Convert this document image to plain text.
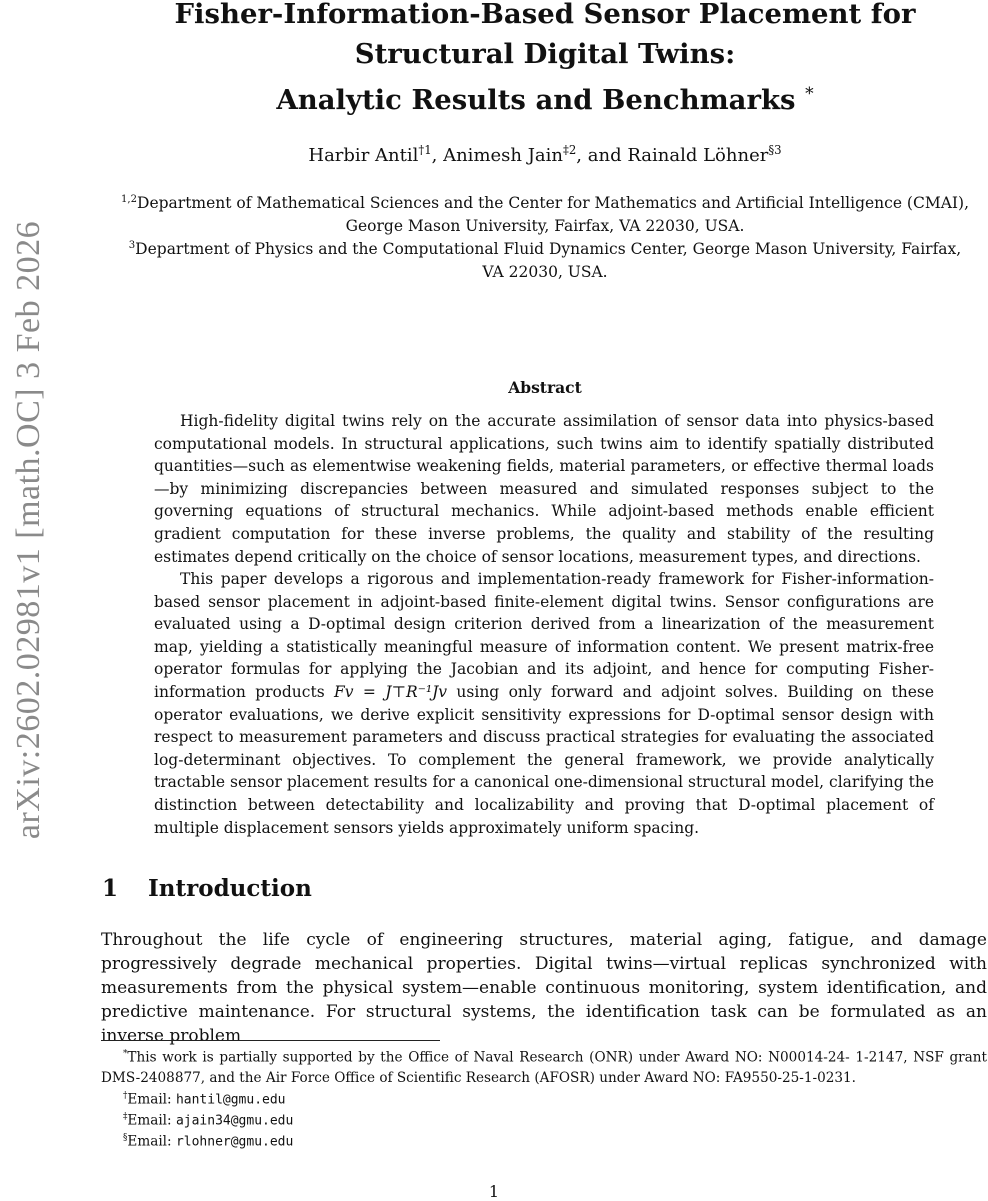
arXiv:2602.02981v1 [math.OC] 3 Feb 2026
Fisher-Information-Based Sensor Placement for
Structural Digital Twins:
Analytic Results and Benchmarks *
Harbir Antil$^{\dagger 1}$, Animesh Jain$^{\ddagger 2}$, and Rainald Löhner$^{\S 3}$
$^{1,2}$Department of Mathematical Sciences and the Center for Mathematics and Artificial Intelligence (CMAI),
George Mason University, Fairfax, VA 22030, USA.
$^3$Department of Physics and the Computational Fluid Dynamics Center, George Mason University, Fairfax,
VA 22030, USA.
Abstract

High-fidelity digital twins rely on the accurate assimilation of sensor data into physics-based computational models. In structural applications, such twins aim to identify spatially distributed quantities—such as elementwise weakening fields, material parameters, or effective thermal loads—by minimizing discrepancies between measured and simulated responses subject to the governing equations of structural mechanics. While adjoint-based methods enable efficient gradient computation for these inverse problems, the quality and stability of the resulting estimates depend critically on the choice of sensor locations, measurement types, and directions.

This paper develops a rigorous and implementation-ready framework for Fisher-information-based sensor placement in adjoint-based finite-element digital twins. Sensor configurations are evaluated using a D-optimal design criterion derived from a linearization of the measurement map, yielding a statistically meaningful measure of information content. We present matrix-free operator formulas for applying the Jacobian and its adjoint, and hence for computing Fisher-information products Fv = J⊤R⁻¹Jv using only forward and adjoint solves. Building on these operator evaluations, we derive explicit sensitivity expressions for D-optimal sensor design with respect to measurement parameters and discuss practical strategies for evaluating the associated log-determinant objectives. To complement the general framework, we provide analytically tractable sensor placement results for a canonical one-dimensional structural model, clarifying the distinction between detectability and localizability and proving that D-optimal placement of multiple displacement sensors yields approximately uniform spacing.

1 Introduction

Throughout the life cycle of engineering structures, material aging, fatigue, and damage progressively degrade mechanical properties. Digital twins—virtual replicas synchronized with measurements from the physical system—enable continuous monitoring, system identification, and predictive maintenance. For structural systems, the identification task can be formulated as an inverse problem

*This work is partially supported by the Office of Naval Research (ONR) under Award NO: N00014-24- 1-2147, NSF grant DMS-2408877, and the Air Force Office of Scientific Research (AFOSR) under Award NO: FA9550-25-1-0231.

†Email: hantil@gmu.edu

‡Email: ajain34@gmu.edu

§Email: rlohner@gmu.edu

1
